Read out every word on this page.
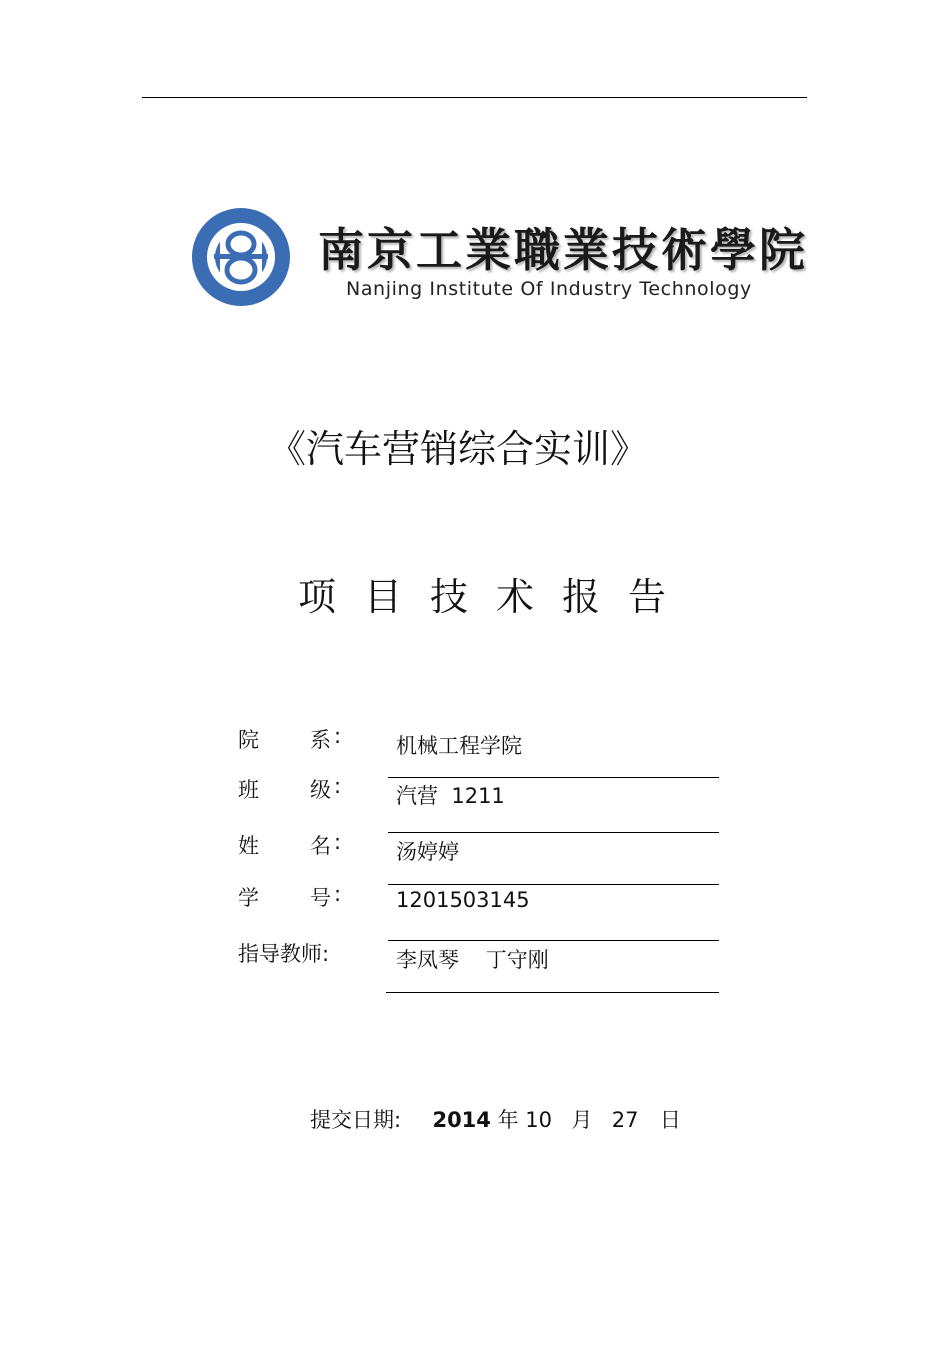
南京工業職業技術學院
Nanjing Institute Of Industry Technology
《汽车营销综合实训》
项目技术报告
院 系 :	机械工程学院
班 级 :	汽营  1211
姓 名 :	汤婷婷
学 号 :	1201503145
指导教师:	李凤琴    丁守刚
提交日期: 2014 年 10 月 27 日
